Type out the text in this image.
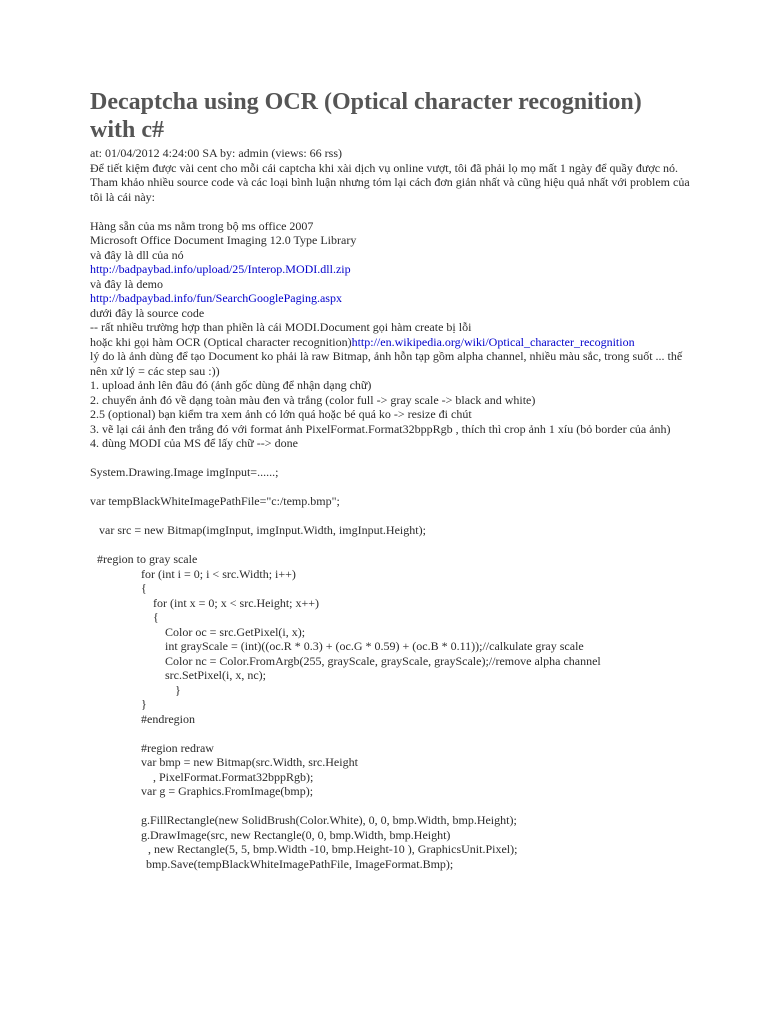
Decaptcha using OCR (Optical character recognition) with c#
at: 01/04/2012 4:24:00 SA by: admin (views: 66 rss)
Để tiết kiệm được vài cent cho mỗi cái captcha khi xài dịch vụ online vượt, tôi đã phải lọ mọ mất 1 ngày để quầy được nó.
Tham khảo nhiều source code và các loại bình luận nhưng tóm lại cách đơn giản nhất và cũng hiệu quả nhất với problem của tôi là cái này:
Hàng sẵn của ms nằm trong bộ ms office 2007
Microsoft Office Document Imaging 12.0 Type Library
và đây là dll của nó
http://badpaybad.info/upload/25/Interop.MODI.dll.zip
và đây là demo
http://badpaybad.info/fun/SearchGooglePaging.aspx
dưới đây là source code
-- rất nhiều trường hợp than phiền là cái MODI.Document gọi hàm create bị lỗi
hoặc khi gọi hàm OCR (Optical character recognition)http://en.wikipedia.org/wiki/Optical_character_recognition
lý do là ảnh dùng để tạo Document ko phải là raw Bitmap, ảnh hỗn tạp gồm alpha channel, nhiều màu sắc, trong suốt ... thế nên xử lý = các step sau :))
1. upload ảnh lên đâu đó (ảnh gốc dùng để nhận dạng chữ)
2. chuyển ảnh đó về dạng toàn màu đen và trắng (color full -> gray scale -> black and white)
2.5 (optional) bạn kiểm tra xem ảnh có lớn quá hoặc bé quá ko -> resize đi chút
3. vẽ lại cái ảnh đen trắng đó với format ảnh PixelFormat.Format32bppRgb , thích thì crop ảnh 1 xíu (bỏ border của ảnh)
4. dùng MODI của MS để lấy chữ --> done
System.Drawing.Image imgInput=......;
var tempBlackWhiteImagePathFile="c:/temp.bmp";
var src = new Bitmap(imgInput, imgInput.Width, imgInput.Height);
#region to gray scale
for (int i = 0; i < src.Width; i++)
{
for (int x = 0; x < src.Height; x++)
{
Color oc = src.GetPixel(i, x);
int grayScale = (int)((oc.R * 0.3) + (oc.G * 0.59) + (oc.B * 0.11));//calkulate gray scale
Color nc = Color.FromArgb(255, grayScale, grayScale, grayScale);//remove alpha channel
src.SetPixel(i, x, nc);
}
}
#endregion
#region redraw
var bmp = new Bitmap(src.Width, src.Height
, PixelFormat.Format32bppRgb);
var g = Graphics.FromImage(bmp);
g.FillRectangle(new SolidBrush(Color.White), 0, 0, bmp.Width, bmp.Height);
g.DrawImage(src, new Rectangle(0, 0, bmp.Width, bmp.Height)
, new Rectangle(5, 5, bmp.Width -10, bmp.Height-10 ), GraphicsUnit.Pixel);
bmp.Save(tempBlackWhiteImagePathFile, ImageFormat.Bmp);
